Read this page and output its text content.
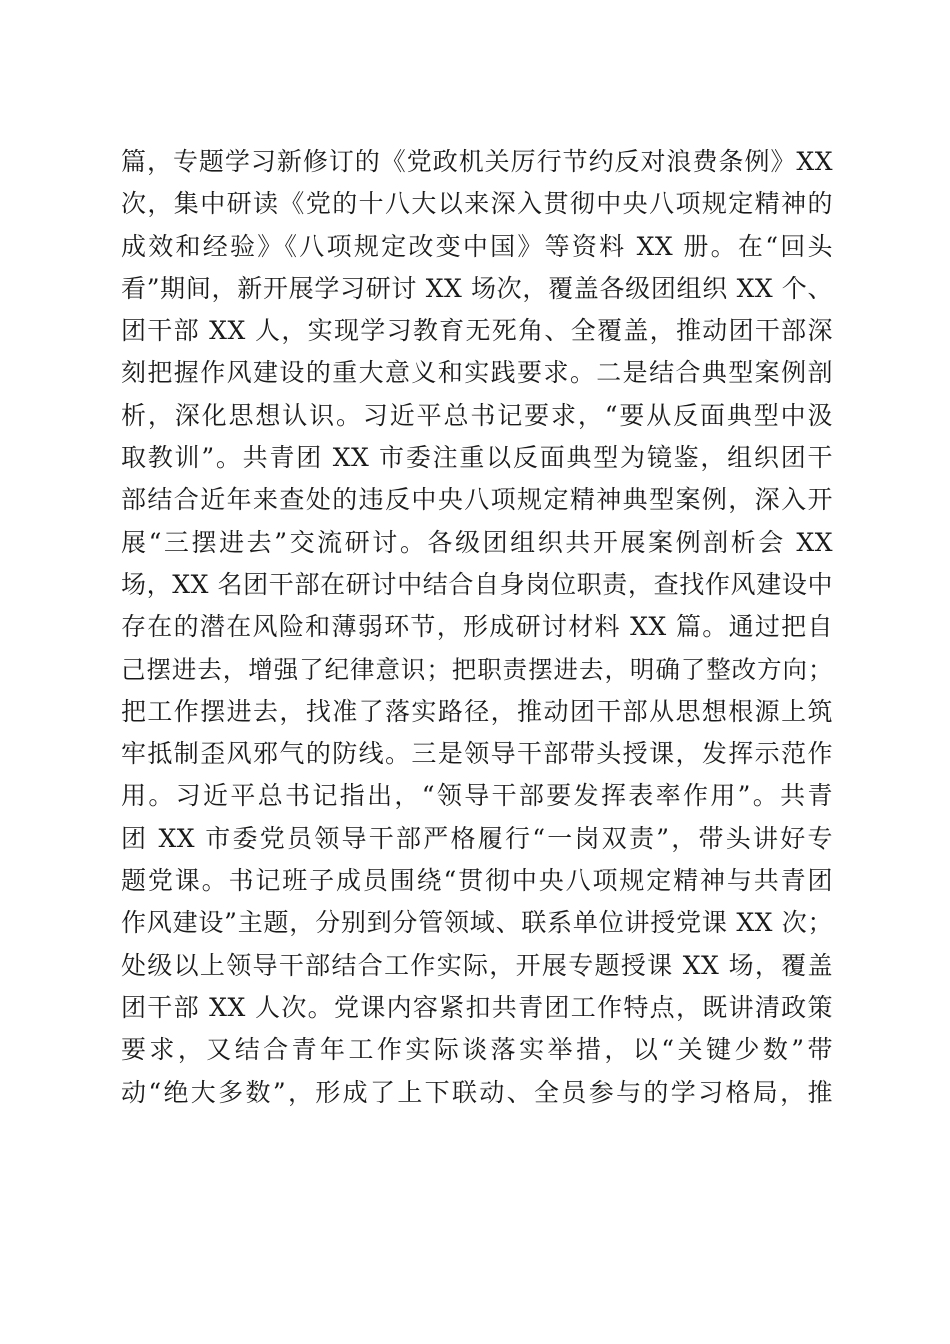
篇，专题学习新修订的《党政机关厉行节约反对浪费条例》XX
次，集中研读《党的十八大以来深入贯彻中央八项规定精神的
成效和经验》《八项规定改变中国》等资料 XX 册。在“回头
看”期间，新开展学习研讨 XX 场次，覆盖各级团组织 XX 个、
团干部 XX 人，实现学习教育无死角、全覆盖，推动团干部深
刻把握作风建设的重大意义和实践要求。二是结合典型案例剖
析，深化思想认识。习近平总书记要求，“要从反面典型中汲
取教训”。共青团 XX 市委注重以反面典型为镜鉴，组织团干
部结合近年来查处的违反中央八项规定精神典型案例，深入开
展“三摆进去”交流研讨。各级团组织共开展案例剖析会 XX
场，XX 名团干部在研讨中结合自身岗位职责，查找作风建设中
存在的潜在风险和薄弱环节，形成研讨材料 XX 篇。通过把自
己摆进去，增强了纪律意识；把职责摆进去，明确了整改方向；
把工作摆进去，找准了落实路径，推动团干部从思想根源上筑
牢抵制歪风邪气的防线。三是领导干部带头授课，发挥示范作
用。习近平总书记指出，“领导干部要发挥表率作用”。共青
团 XX 市委党员领导干部严格履行“一岗双责”，带头讲好专
题党课。书记班子成员围绕“贯彻中央八项规定精神与共青团
作风建设”主题，分别到分管领域、联系单位讲授党课 XX 次；
处级以上领导干部结合工作实际，开展专题授课 XX 场，覆盖
团干部 XX 人次。党课内容紧扣共青团工作特点，既讲清政策
要求，又结合青年工作实际谈落实举措，以“关键少数”带
动“绝大多数”，形成了上下联动、全员参与的学习格局，推
